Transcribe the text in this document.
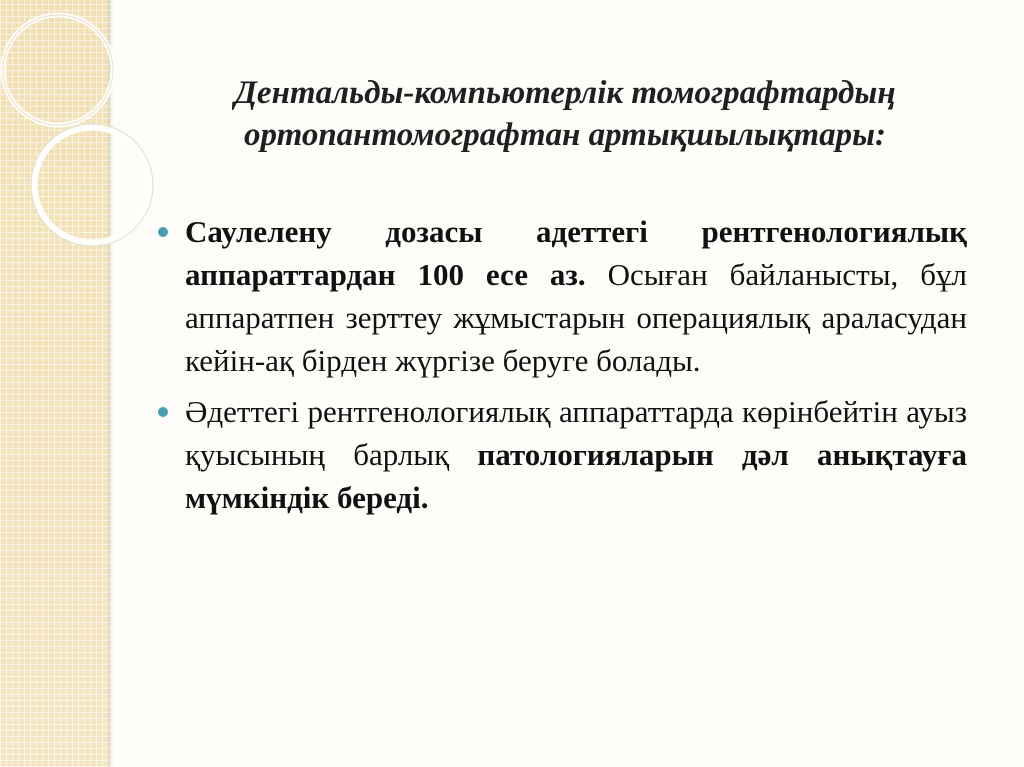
Дентальды-компьютерлік томографтардың
ортопантомографтан артықшылықтары:
Саулелену дозасы адеттегі рентгенологиялық аппараттардан 100 есе аз. Осыған байланысты, бұл аппаратпен зерттеу жұмыстарын операциялық араласудан кейін-ақ бірден жүргізе беруге болады.
Әдеттегі рентгенологиялық аппараттарда көрінбейтін ауыз қуысының барлық патологияларын дәл анықтауға мүмкіндік береді.
